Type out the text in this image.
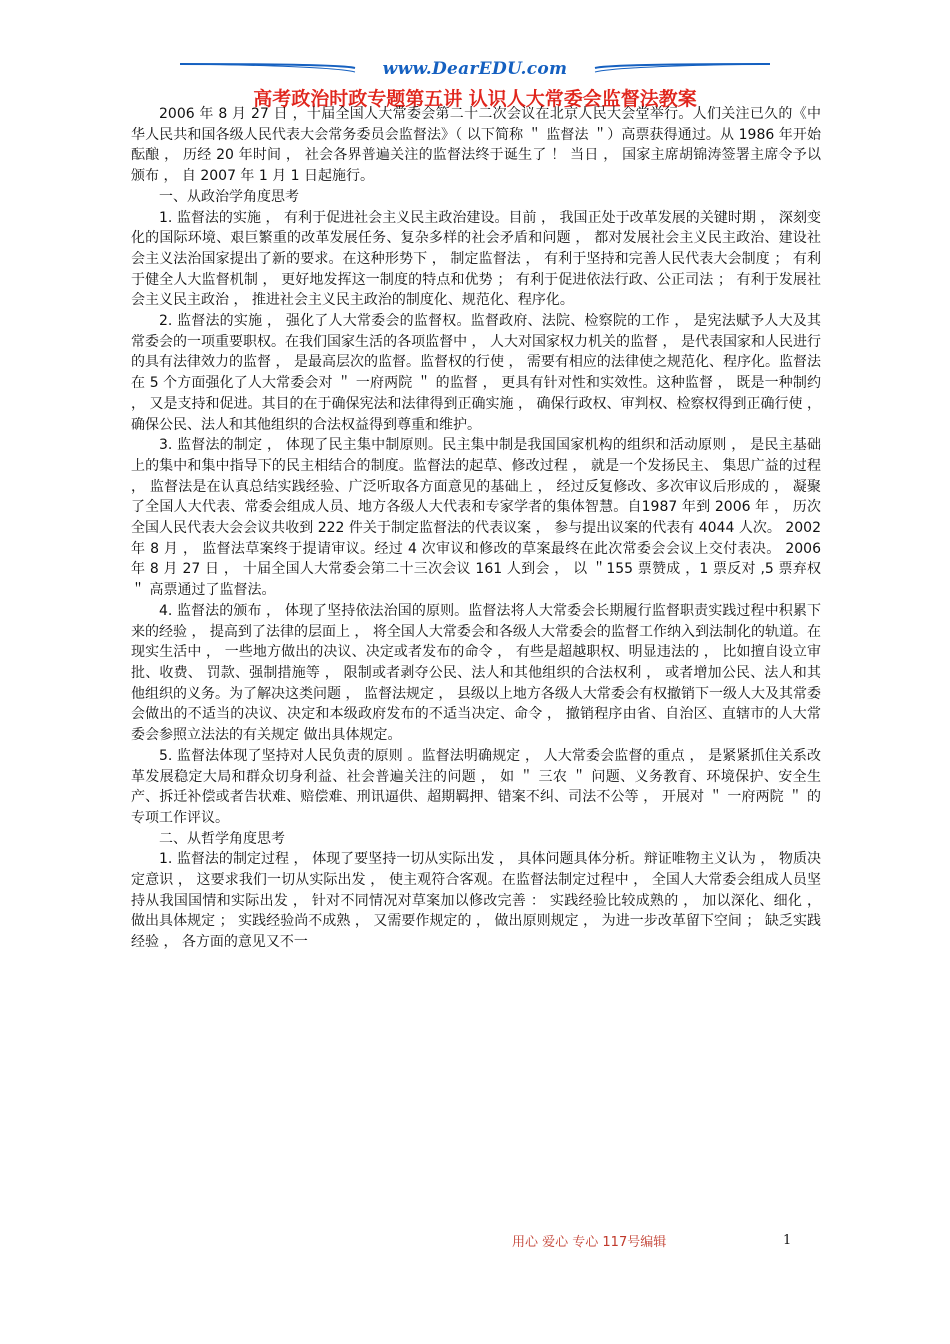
www.DearEDU.com
高考政治时政专题第五讲 认识人大常委会监督法教案

2006 年 8 月 27 日 ，十届全国人大常委会第二十二次会议在北京人民大会堂举行。人们关注已久的《中华人民共和国各级人民代表大会常务委员会监督法》（ 以下简称 ＂ 监督法 ＂）高票获得通过。从 1986 年开始酝酿 ， 历经 20 年时间 ， 社会各界普遍关注的监督法终于诞生了 ！ 当日 ， 国家主席胡锦涛签署主席令予以颁布 ， 自 2007 年 1 月 1 日起施行。

一、从政治学角度思考

1. 监督法的实施 ， 有利于促进社会主义民主政治建设。目前 ， 我国正处于改革发展的关键时期 ， 深刻变化的国际环境、艰巨繁重的改革发展任务、复杂多样的社会矛盾和问题 ， 都对发展社会主义民主政治、建设社会主义法治国家提出了新的要求。在这种形势下 ， 制定监督法 ， 有利于坚持和完善人民代表大会制度 ； 有利于健全人大监督机制 ， 更好地发挥这一制度的特点和优势 ； 有利于促进依法行政、公正司法 ； 有利于发展社会主义民主政治 ， 推进社会主义民主政治的制度化、规范化、程序化。

2. 监督法的实施 ， 强化了人大常委会的监督权。监督政府、法院、检察院的工作 ， 是宪法赋予人大及其常委会的一项重要职权。在我们国家生活的各项监督中 ， 人大对国家权力机关的监督 ， 是代表国家和人民进行的具有法律效力的监督 ， 是最高层次的监督。监督权的行使 ， 需要有相应的法律使之规范化、程序化。监督法在 5 个方面强化了人大常委会对 ＂ 一府两院 ＂ 的监督 ， 更具有针对性和实效性。这种监督 ， 既是一种制约 ， 又是支持和促进。其目的在于确保宪法和法律得到正确实施 ， 确保行政权、审判权、检察权得到正确行使 ， 确保公民、法人和其他组织的合法权益得到尊重和维护。

3. 监督法的制定 ， 体现了民主集中制原则。民主集中制是我国国家机构的组织和活动原则 ， 是民主基础上的集中和集中指导下的民主相结合的制度。监督法的起草、修改过程 ， 就是一个发扬民主、 集思广益的过程 ， 监督法是在认真总结实践经验、广泛听取各方面意见的基础上 ， 经过反复修改、多次审议后形成的 ， 凝聚了全国人大代表、常委会组成人员、地方各级人大代表和专家学者的集体智慧。自1987 年到 2006 年 ， 历次全国人民代表大会会议共收到 222 件关于制定监督法的代表议案 ， 参与提出议案的代表有 4044 人次。 2002 年 8 月 ， 监督法草案终于提请审议。经过 4 次审议和修改的草案最终在此次常委会会议上交付表决。 2006 年 8 月 27 日 ， 十届全国人大常委会第二十三次会议 161 人到会 ， 以 ＂155 票赞成 ，1 票反对 ,5 票弃权 ＂ 高票通过了监督法。

4. 监督法的颁布 ， 体现了坚持依法治国的原则。监督法将人大常委会长期履行监督职责实践过程中积累下来的经验 ， 提高到了法律的层面上 ， 将全国人大常委会和各级人大常委会的监督工作纳入到法制化的轨道。在现实生活中 ， 一些地方做出的决议、决定或者发布的命令 ， 有些是超越职权、明显违法的 ， 比如擅自设立审批、收费、 罚款、强制措施等 ， 限制或者剥夺公民、法人和其他组织的合法权利 ， 或者增加公民、法人和其他组织的义务。为了解决这类问题 ， 监督法规定 ， 县级以上地方各级人大常委会有权撤销下一级人大及其常委会做出的不适当的决议、决定和本级政府发布的不适当决定、命令 ， 撤销程序由省、自治区、直辖市的人大常委会参照立法法的有关规定 做出具体规定。

5. 监督法体现了坚持对人民负责的原则 。监督法明确规定 ， 人大常委会监督的重点 ， 是紧紧抓住关系改革发展稳定大局和群众切身利益、社会普遍关注的问题 ， 如 ＂ 三农 ＂ 问题、义务教育、环境保护、安全生产、拆迁补偿或者告状难、赔偿难、刑讯逼供、超期羁押、错案不纠、司法不公等 ， 开展对 ＂ 一府两院 ＂ 的专项工作评议。

二、从哲学角度思考

1. 监督法的制定过程 ， 体现了要坚持一切从实际出发 ， 具体问题具体分析。辩证唯物主义认为 ， 物质决定意识 ， 这要求我们一切从实际出发 ， 使主观符合客观。在监督法制定过程中 ， 全国人大常委会组成人员坚持从我国国情和实际出发 ， 针对不同情况对草案加以修改完善 ： 实践经验比较成熟的 ， 加以深化、细化 ， 做出具体规定 ； 实践经验尚不成熟 ， 又需要作规定的 ， 做出原则规定 ， 为进一步改革留下空间 ； 缺乏实践经验 ， 各方面的意见又不一

用心 爱心 专心 117号编辑	1
